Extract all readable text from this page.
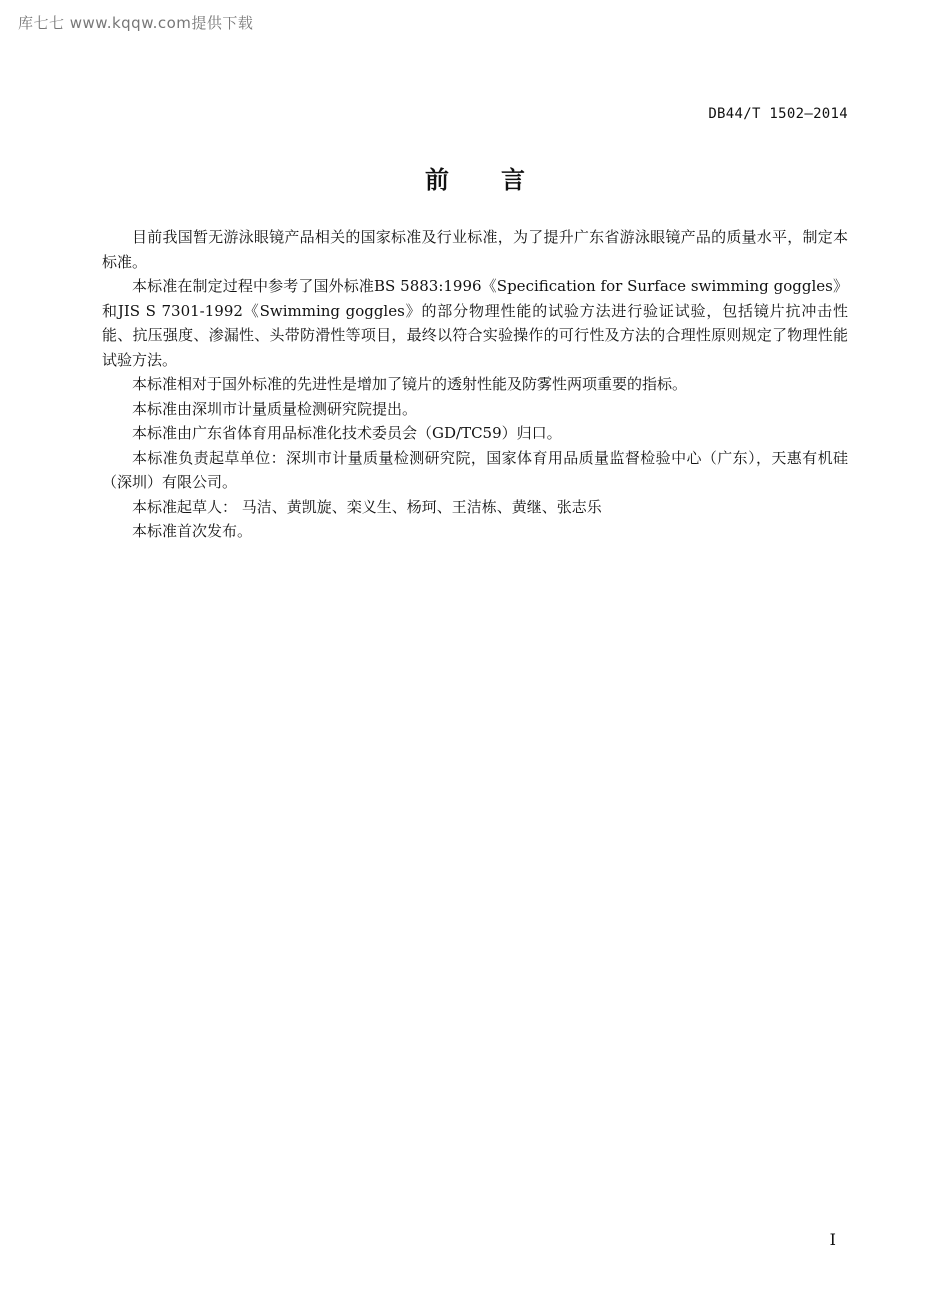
库七七 www.kqqw.com提供下载
DB44/T 1502—2014
前言

目前我国暂无游泳眼镜产品相关的国家标准及行业标准，为了提升广东省游泳眼镜产品的质量水平，制定本标准。

本标准在制定过程中参考了国外标准BS 5883:1996《Specification for Surface swimming goggles》和JIS S 7301-1992《Swimming goggles》的部分物理性能的试验方法进行验证试验，包括镜片抗冲击性能、抗压强度、渗漏性、头带防滑性等项目，最终以符合实验操作的可行性及方法的合理性原则规定了物理性能试验方法。

本标准相对于国外标准的先进性是增加了镜片的透射性能及防雾性两项重要的指标。

本标准由深圳市计量质量检测研究院提出。

本标准由广东省体育用品标准化技术委员会（GD/TC59）归口。

本标准负责起草单位：深圳市计量质量检测研究院，国家体育用品质量监督检验中心（广东），天惠有机硅（深圳）有限公司。

本标准起草人： 马洁、黄凯旋、栾义生、杨珂、王洁栋、黄继、张志乐

本标准首次发布。

I
